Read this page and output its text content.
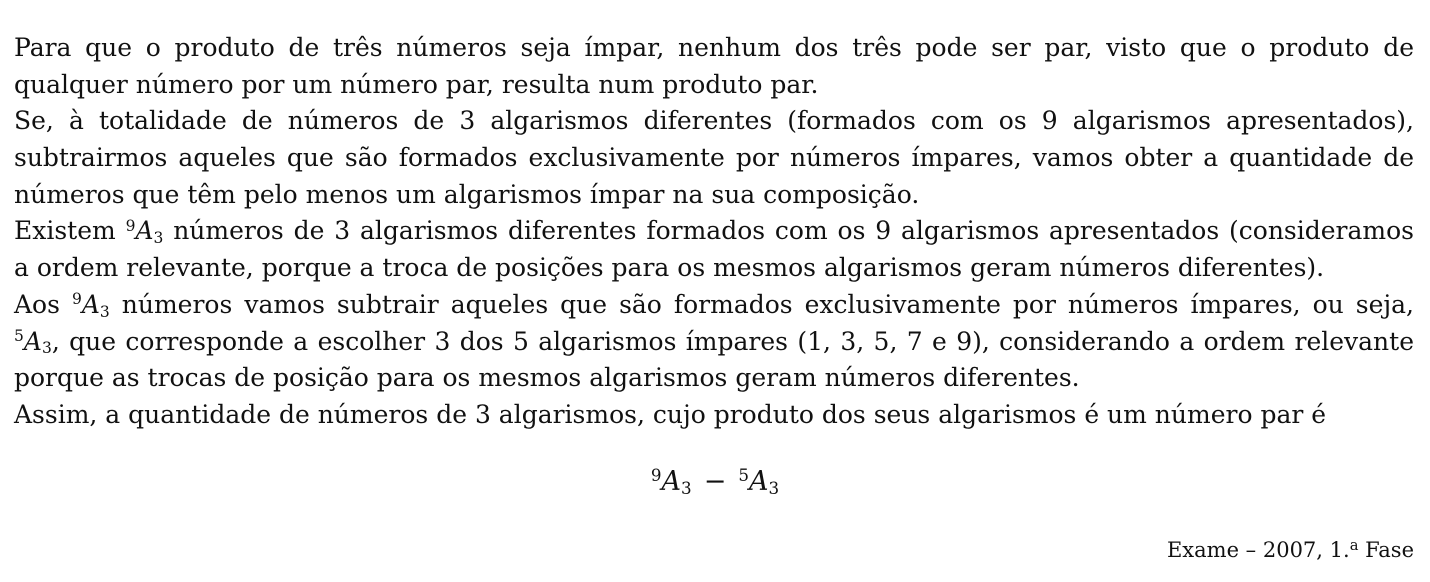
Para que o produto de três números seja ímpar, nenhum dos três pode ser par, visto que o produto de
qualquer número por um número par, resulta num produto par.
Se, à totalidade de números de 3 algarismos diferentes (formados com os 9 algarismos apresentados),
subtrairmos aqueles que são formados exclusivamente por números ímpares, vamos obter a quantidade de
números que têm pelo menos um algarismos ímpar na sua composição.
Existem $^9A_3$ números de 3 algarismos diferentes formados com os 9 algarismos apresentados (consideramos
a ordem relevante, porque a troca de posições para os mesmos algarismos geram números diferentes).
Aos $^9A_3$ números vamos subtrair aqueles que são formados exclusivamente por números ímpares, ou seja,
$^5A_3$, que corresponde a escolher 3 dos 5 algarismos ímpares (1, 3, 5, 7 e 9), considerando a ordem relevante
porque as trocas de posição para os mesmos algarismos geram números diferentes.
Assim, a quantidade de números de 3 algarismos, cujo produto dos seus algarismos é um número par é
$^9A_3 - ^5A_3$
Exame – 2007, 1.$^a$ Fase
